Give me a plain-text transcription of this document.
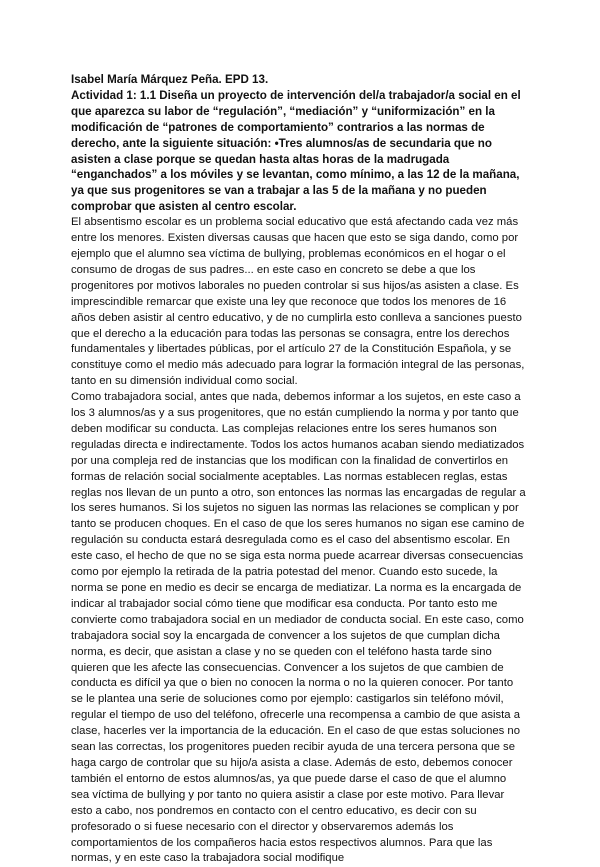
Isabel María Márquez Peña. EPD 13.

Actividad 1: 1.1 Diseña un proyecto de intervención del/a trabajador/a social en el que aparezca su labor de “regulación”, “mediación” y “uniformización” en la modificación de “patrones de comportamiento” contrarios a las normas de derecho, ante la siguiente situación: •Tres alumnos/as de secundaria que no asisten a clase porque se quedan hasta altas horas de la madrugada “enganchados” a los móviles y se levantan, como mínimo, a las 12 de la mañana, ya que sus progenitores se van a trabajar a las 5 de la mañana y no pueden comprobar que asisten al centro escolar.

El absentismo escolar es un problema social educativo que está afectando cada vez más entre los menores. Existen diversas causas que hacen que esto se siga dando, como por ejemplo que el alumno sea víctima de bullying, problemas económicos en el hogar o el consumo de drogas de sus padres... en este caso en concreto se debe a que los progenitores por motivos laborales no pueden controlar si sus hijos/as asisten a clase. Es imprescindible remarcar que existe una ley que reconoce que todos los menores de 16 años deben asistir al centro educativo, y de no cumplirla esto conlleva a sanciones puesto que el derecho a la educación para todas las personas se consagra, entre los derechos fundamentales y libertades públicas, por el artículo 27 de la Constitución Española, y se constituye como el medio más adecuado para lograr la formación integral de las personas, tanto en su dimensión individual como social.

Como trabajadora social, antes que nada, debemos informar a los sujetos, en este caso a los 3 alumnos/as y a sus progenitores, que no están cumpliendo la norma y por tanto que deben modificar su conducta. Las complejas relaciones entre los seres humanos son reguladas directa e indirectamente. Todos los actos humanos acaban siendo mediatizados por una compleja red de instancias que los modifican con la finalidad de convertirlos en formas de relación social socialmente aceptables. Las normas establecen reglas, estas reglas nos llevan de un punto a otro, son entonces las normas las encargadas de regular a los seres humanos. Si los sujetos no siguen las normas las relaciones se complican y por tanto se producen choques. En el caso de que los seres humanos no sigan ese camino de regulación su conducta estará desregulada como es el caso del absentismo escolar. En este caso, el hecho de que no se siga esta norma puede acarrear diversas consecuencias como por ejemplo la retirada de la patria potestad del menor. Cuando esto sucede, la norma se pone en medio es decir se encarga de mediatizar. La norma es la encargada de indicar al trabajador social cómo tiene que modificar esa conducta. Por tanto esto me convierte como trabajadora social en un mediador de conducta social. En este caso, como trabajadora social soy la encargada de convencer a los sujetos de que cumplan dicha norma, es decir, que asistan a clase y no se queden con el teléfono hasta tarde sino quieren que les afecte las consecuencias. Convencer a los sujetos de que cambien de conducta es difícil ya que o bien no conocen la norma o no la quieren conocer. Por tanto se le plantea una serie de soluciones como por ejemplo: castigarlos sin teléfono móvil, regular el tiempo de uso del teléfono, ofrecerle una recompensa a cambio de que asista a clase, hacerles ver la importancia de la educación. En el caso de que estas soluciones no sean las correctas, los progenitores pueden recibir ayuda de una tercera persona que se haga cargo de controlar que su hijo/a asista a clase. Además de esto, debemos conocer también el entorno de estos alumnos/as, ya que puede darse el caso de que el alumno sea víctima de bullying y por tanto no quiera asistir a clase por este motivo. Para llevar esto a cabo, nos pondremos en contacto con el centro educativo, es decir con su profesorado o si fuese necesario con el director y observaremos además los comportamientos de los compañeros hacia estos respectivos alumnos. Para que las normas, y en este caso la trabajadora social modifique
